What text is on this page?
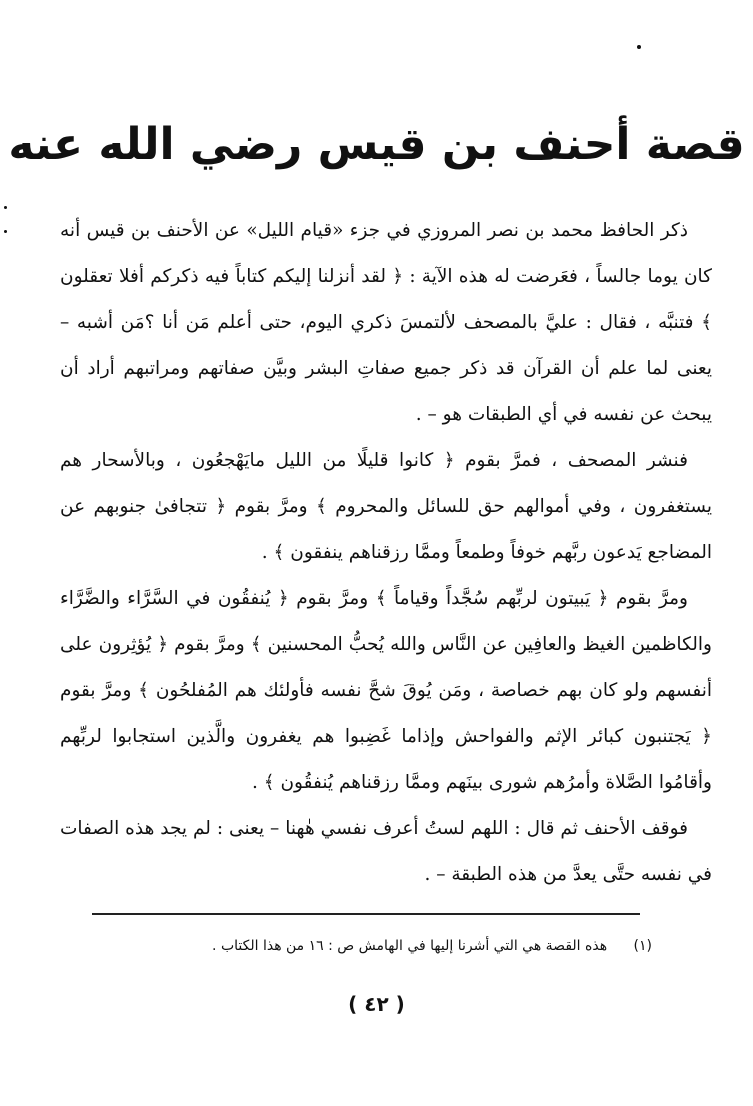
قصة أحنف بن قيس رضي الله عنه

ذكر الحافظ محمد بن نصر المروزي في جزء «قيام الليل» عن الأحنف بن قيس أنه كان يوما جالساً ، فعَرضت له هذه الآية : ﴿ لقد أنزلنا إليكم كتاباً فيه ذكركم أفلا تعقلون ﴾ فتنبَّه ، فقال : عليَّ بالمصحف لألتمسَ ذكري اليوم، حتى أعلم مَن أنا ؟مَن أشبه – يعنى لما علم أن القرآن قد ذكر جميع صفاتِ البشر وبيَّن صفاتهم ومراتبهم أراد أن يبحث عن نفسه في أي الطبقات هو – .

فنشر المصحف ، فمرَّ بقوم ﴿ كانوا قليلًا من الليل مايَهْجعُون ، وبالأسحار هم يستغفرون ، وفي أموالهم حق للسائل والمحروم ﴾ ومرَّ بقوم ﴿ تتجافىٰ جنوبهم عن المضاجع يَدعون ربَّهم خوفاً وطمعاً وممَّا رزقناهم ينفقون ﴾ .

ومرَّ بقوم ﴿ يَبيتون لربِّهم سُجَّداً وقياماً ﴾ ومرَّ بقوم ﴿ يُنفقُون في السَّرَّاء والضَّرَّاء والكاظمين الغيظ والعافِين عن النَّاس والله يُحبُّ المحسنين ﴾ ومرَّ بقوم ﴿ يُؤثِرون على أنفسهم ولو كان بهم خصاصة ، ومَن يُوقَ شحَّ نفسه فأولئك هم المُفلحُون ﴾ ومرَّ بقوم ﴿ يَجتنبون كبائر الإثم والفواحش وإذاما غَضِبوا هم يغفرون والَّذين استجابوا لربِّهم وأقامُوا الصَّلاة وأمرُهم شورى بينَهم وممَّا رزقناهم يُنفقُون ﴾ .

فوقف الأحنف ثم قال : اللهم لستُ أعرف نفسي هٰهنا – يعنى : لم يجد هذه الصفات في نفسه حتَّى يعدَّ من هذه الطبقة – .

(١) هذه القصة هي التي أشرنا إليها في الهامش ص : ١٦ من هذا الكتاب .
( ٤٢ )
